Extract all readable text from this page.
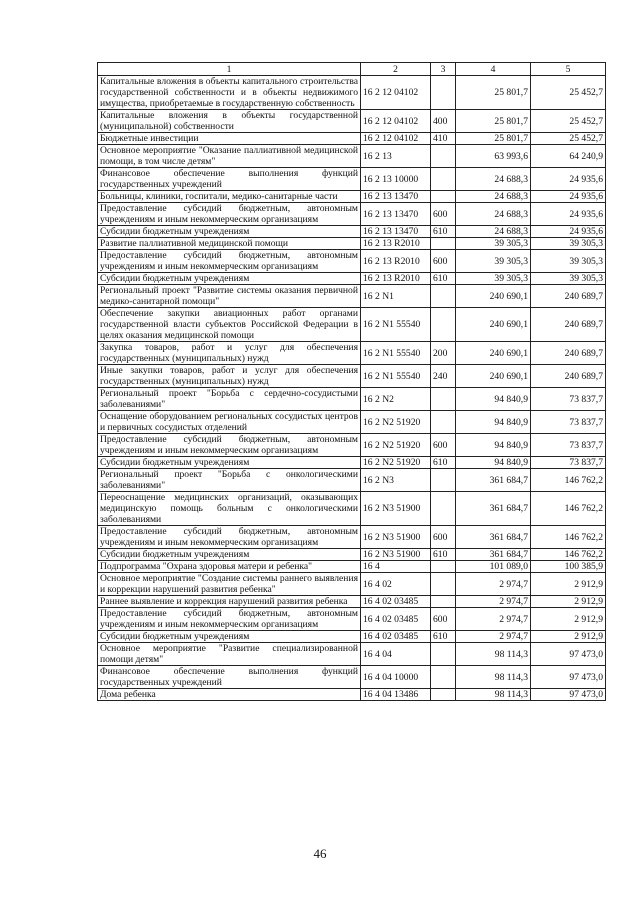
1	2	3	4	5
Капитальные вложения в объекты капитального строительства государственной собственности и в объекты недвижимого имущества, приобретаемые в государственную собственность	16 2 12 04102		25 801,7	25 452,7
Капитальные вложения в объекты государственной (муниципальной) собственности	16 2 12 04102	400	25 801,7	25 452,7
Бюджетные инвестиции	16 2 12 04102	410	25 801,7	25 452,7
Основное мероприятие "Оказание паллиативной медицинской помощи, в том числе детям"	16 2 13		63 993,6	64 240,9
Финансовое обеспечение выполнения функций государственных учреждений	16 2 13 10000		24 688,3	24 935,6
Больницы, клиники, госпитали, медико-санитарные части	16 2 13 13470		24 688,3	24 935,6
Предоставление субсидий бюджетным, автономным учреждениям и иным некоммерческим организациям	16 2 13 13470	600	24 688,3	24 935,6
Субсидии бюджетным учреждениям	16 2 13 13470	610	24 688,3	24 935,6
Развитие паллиативной медицинской помощи	16 2 13 R2010		39 305,3	39 305,3
Предоставление субсидий бюджетным, автономным учреждениям и иным некоммерческим организациям	16 2 13 R2010	600	39 305,3	39 305,3
Субсидии бюджетным учреждениям	16 2 13 R2010	610	39 305,3	39 305,3
Региональный проект "Развитие системы оказания первичной медико-санитарной помощи"	16 2 N1		240 690,1	240 689,7
Обеспечение закупки авиационных работ органами государственной власти субъектов Российской Федерации в целях оказания медицинской помощи	16 2 N1 55540		240 690,1	240 689,7
Закупка товаров, работ и услуг для обеспечения государственных (муниципальных) нужд	16 2 N1 55540	200	240 690,1	240 689,7
Иные закупки товаров, работ и услуг для обеспечения государственных (муниципальных) нужд	16 2 N1 55540	240	240 690,1	240 689,7
Региональный проект "Борьба с сердечно-сосудистыми заболеваниями"	16 2 N2		94 840,9	73 837,7
Оснащение оборудованием региональных сосудистых центров и первичных сосудистых отделений	16 2 N2 51920		94 840,9	73 837,7
Предоставление субсидий бюджетным, автономным учреждениям и иным некоммерческим организациям	16 2 N2 51920	600	94 840,9	73 837,7
Субсидии бюджетным учреждениям	16 2 N2 51920	610	94 840,9	73 837,7
Региональный проект "Борьба с онкологическими заболеваниями"	16 2 N3		361 684,7	146 762,2
Переоснащение медицинских организаций, оказывающих медицинскую помощь больным с онкологическими заболеваниями	16 2 N3 51900		361 684,7	146 762,2
Предоставление субсидий бюджетным, автономным учреждениям и иным некоммерческим организациям	16 2 N3 51900	600	361 684,7	146 762,2
Субсидии бюджетным учреждениям	16 2 N3 51900	610	361 684,7	146 762,2
Подпрограмма "Охрана здоровья матери и ребенка"	16 4		101 089,0	100 385,9
Основное мероприятие "Создание системы раннего выявления и коррекции нарушений развития ребенка"	16 4 02		2 974,7	2 912,9
Раннее выявление и коррекция нарушений развития ребенка	16 4 02 03485		2 974,7	2 912,9
Предоставление субсидий бюджетным, автономным учреждениям и иным некоммерческим организациям	16 4 02 03485	600	2 974,7	2 912,9
Субсидии бюджетным учреждениям	16 4 02 03485	610	2 974,7	2 912,9
Основное мероприятие "Развитие специализированной помощи детям"	16 4 04		98 114,3	97 473,0
Финансовое обеспечение выполнения функций государственных учреждений	16 4 04 10000		98 114,3	97 473,0
Дома ребенка	16 4 04 13486		98 114,3	97 473,0
46
